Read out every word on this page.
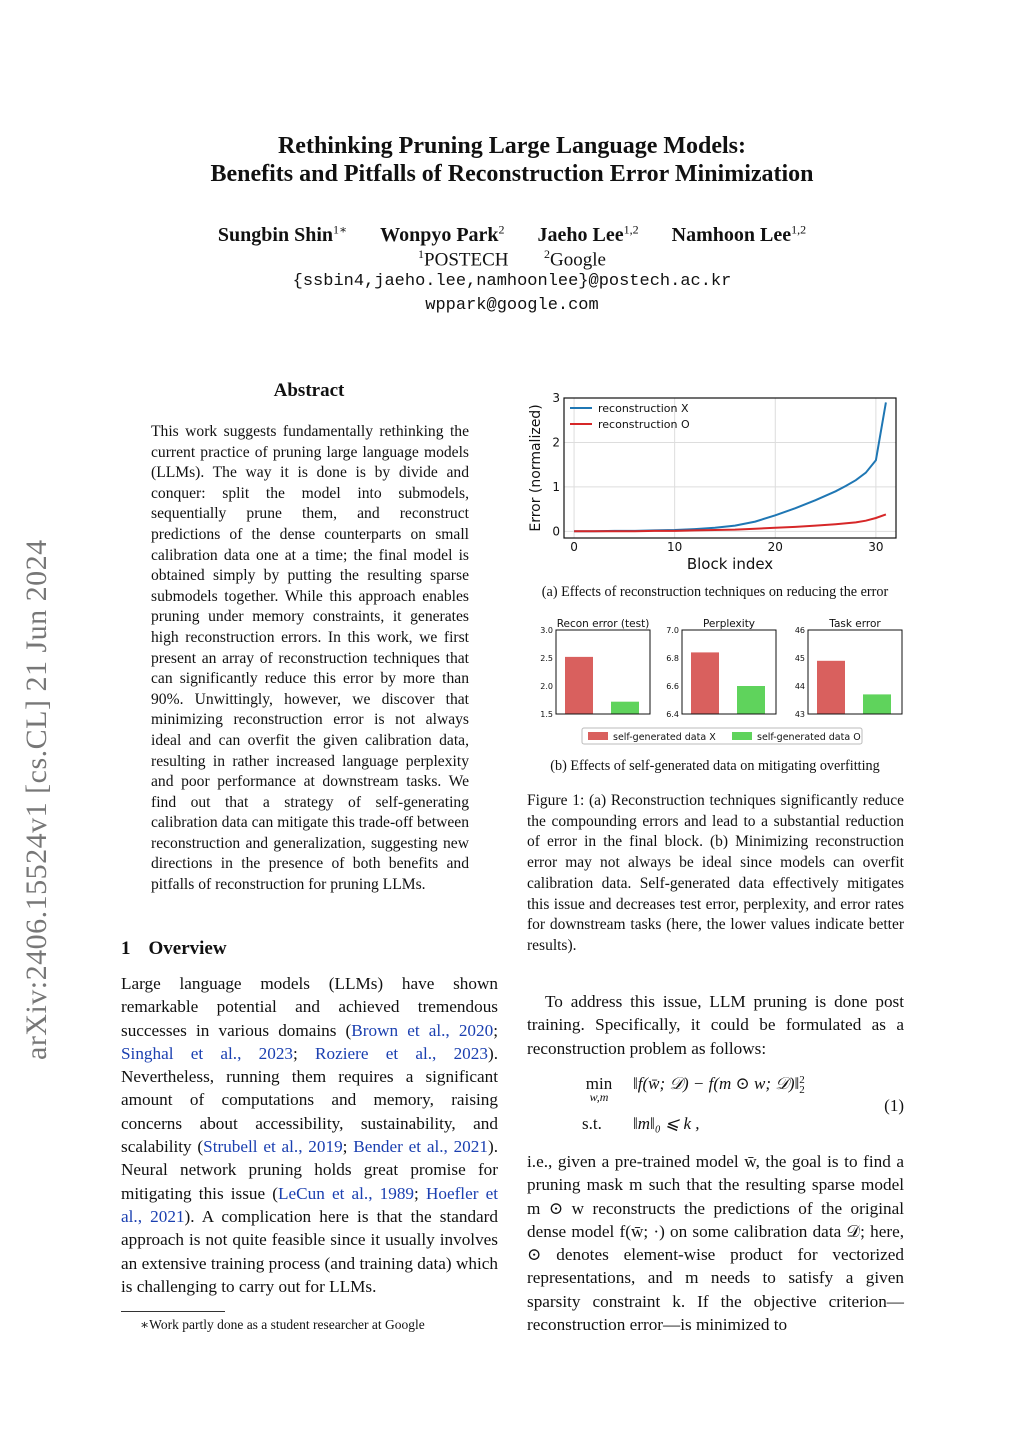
Rethinking Pruning Large Language Models:
Benefits and Pitfalls of Reconstruction Error Minimization
Sungbin Shin$^{1∗}$ Wonpyo Park$^2$ Jaeho Lee$^{1,2}$ Namhoon Lee$^{1,2}$
$^1$POSTECH	$^2$Google
{ssbin4,jaeho.lee,namhoonlee}@postech.ac.kr
wppark@google.com
arXiv:2406.15524v1 [cs.CL] 21 Jun 2024
Abstract
This work suggests fundamentally rethinking the current practice of pruning large language models (LLMs). The way it is done is by divide and conquer: split the model into submodels, sequentially prune them, and reconstruct predictions of the dense counterparts on small calibration data one at a time; the final model is obtained simply by putting the resulting sparse submodels together. While this approach enables pruning under memory constraints, it generates high reconstruction errors. In this work, we first present an array of reconstruction techniques that can significantly reduce this error by more than 90%. Unwittingly, however, we discover that minimizing reconstruction error is not always ideal and can overfit the given calibration data, resulting in rather increased language perplexity and poor performance at downstream tasks. We find out that a strategy of self-generating calibration data can mitigate this trade-off between reconstruction and generalization, suggesting new directions in the presence of both benefits and pitfalls of reconstruction for pruning LLMs.
1 Overview
Large language models (LLMs) have shown remarkable potential and achieved tremendous successes in various domains (Brown et al., 2020; Singhal et al., 2023; Roziere et al., 2023). Nevertheless, running them requires a significant amount of computations and memory, raising concerns about accessibility, sustainability, and scalability (Strubell et al., 2019; Bender et al., 2021). Neural network pruning holds great promise for mitigating this issue (LeCun et al., 1989; Hoefler et al., 2021). A complication here is that the standard approach is not quite feasible since it usually involves an extensive training process (and training data) which is challenging to carry out for LLMs.
∗Work partly done as a student researcher at Google
0	10	20	30
0
1
2
3
reconstruction X
reconstruction O
Block index
Error (normalized)
(a) Effects of reconstruction techniques on reducing the error
1.5
2.0
2.5
3.0
Recon error (test)
6.4
6.6
6.8
7.0
Perplexity
43
44
45
46
Task error
self-generated data X	self-generated data O
(b) Effects of self-generated data on mitigating overfitting
Figure 1: (a) Reconstruction techniques significantly reduce the compounding errors and lead to a substantial reduction of error in the final block. (b) Minimizing reconstruction error may not always be ideal since models can overfit calibration data. Self-generated data effectively mitigates this issue and decreases test error, perplexity, and error rates for downstream tasks (here, the lower values indicate better results).
To address this issue, LLM pruning is done post training. Specifically, it could be formulated as a reconstruction problem as follows:
min
w,m
‖f(w̄; 𝒟) − f(m ⊙ w; 𝒟)‖ 2
2
s.t. ‖m‖₀ ⩽ k ,
(1)
i.e., given a pre-trained model w̄, the goal is to find a pruning mask m such that the resulting sparse model m ⊙ w reconstructs the predictions of the original dense model f(w̄; ·) on some calibration data 𝒟; here, ⊙ denotes element-wise product for vectorized representations, and m needs to satisfy a given sparsity constraint k. If the objective criterion—reconstruction error—is minimized to
